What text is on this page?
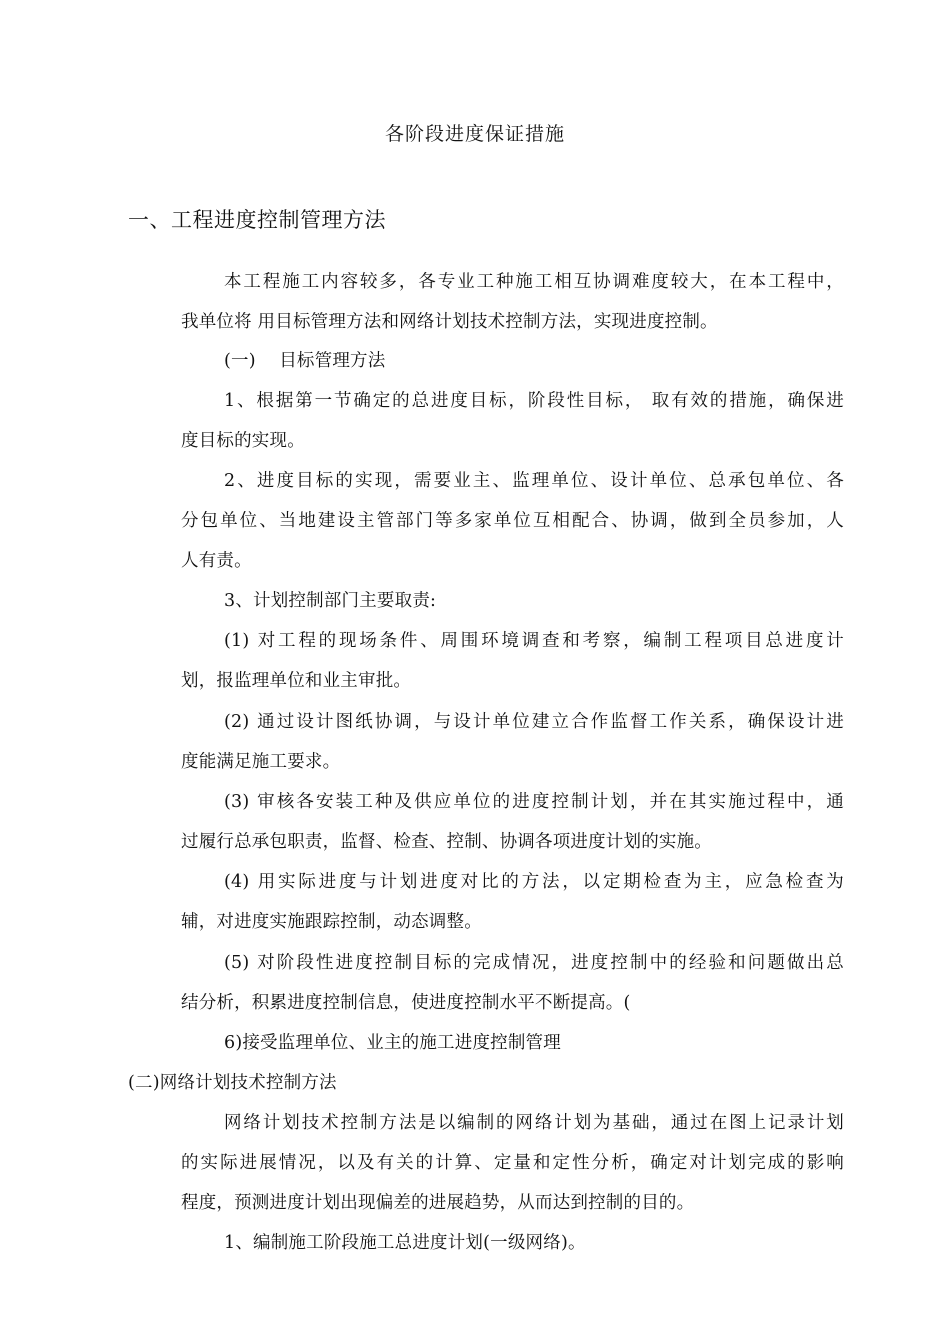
各阶段进度保证措施
一、工程进度控制管理方法
本工程施工内容较多，各专业工种施工相互协调难度较大，在本工程中，
我单位将 用目标管理方法和网络计划技术控制方法，实现进度控制。
(一)　 目标管理方法
1、根据第一节确定的总进度目标，阶段性目标， 取有效的措施，确保进
度目标的实现。
2、进度目标的实现，需要业主、监理单位、设计单位、总承包单位、各
分包单位、当地建设主管部门等多家单位互相配合、协调，做到全员参加，人
人有责。
3、计划控制部门主要取责:
(1) 对工程的现场条件、周围环境调查和考察，编制工程项目总进度计
划，报监理单位和业主审批。
(2) 通过设计图纸协调，与设计单位建立合作监督工作关系，确保设计进
度能满足施工要求。
(3) 审核各安装工种及供应单位的进度控制计划，并在其实施过程中，通
过履行总承包职责，监督、检查、控制、协调各项进度计划的实施。
(4) 用实际进度与计划进度对比的方法，以定期检查为主，应急检查为
辅，对进度实施跟踪控制，动态调整。
(5) 对阶段性进度控制目标的完成情况，进度控制中的经验和问题做出总
结分析，积累进度控制信息，使进度控制水平不断提高。(
6)接受监理单位、业主的施工进度控制管理
(二)网络计划技术控制方法
网络计划技术控制方法是以编制的网络计划为基础，通过在图上记录计划
的实际进展情况，以及有关的计算、定量和定性分析，确定对计划完成的影响
程度，预测进度计划出现偏差的进展趋势，从而达到控制的目的。
1、编制施工阶段施工总进度计划(一级网络)。
